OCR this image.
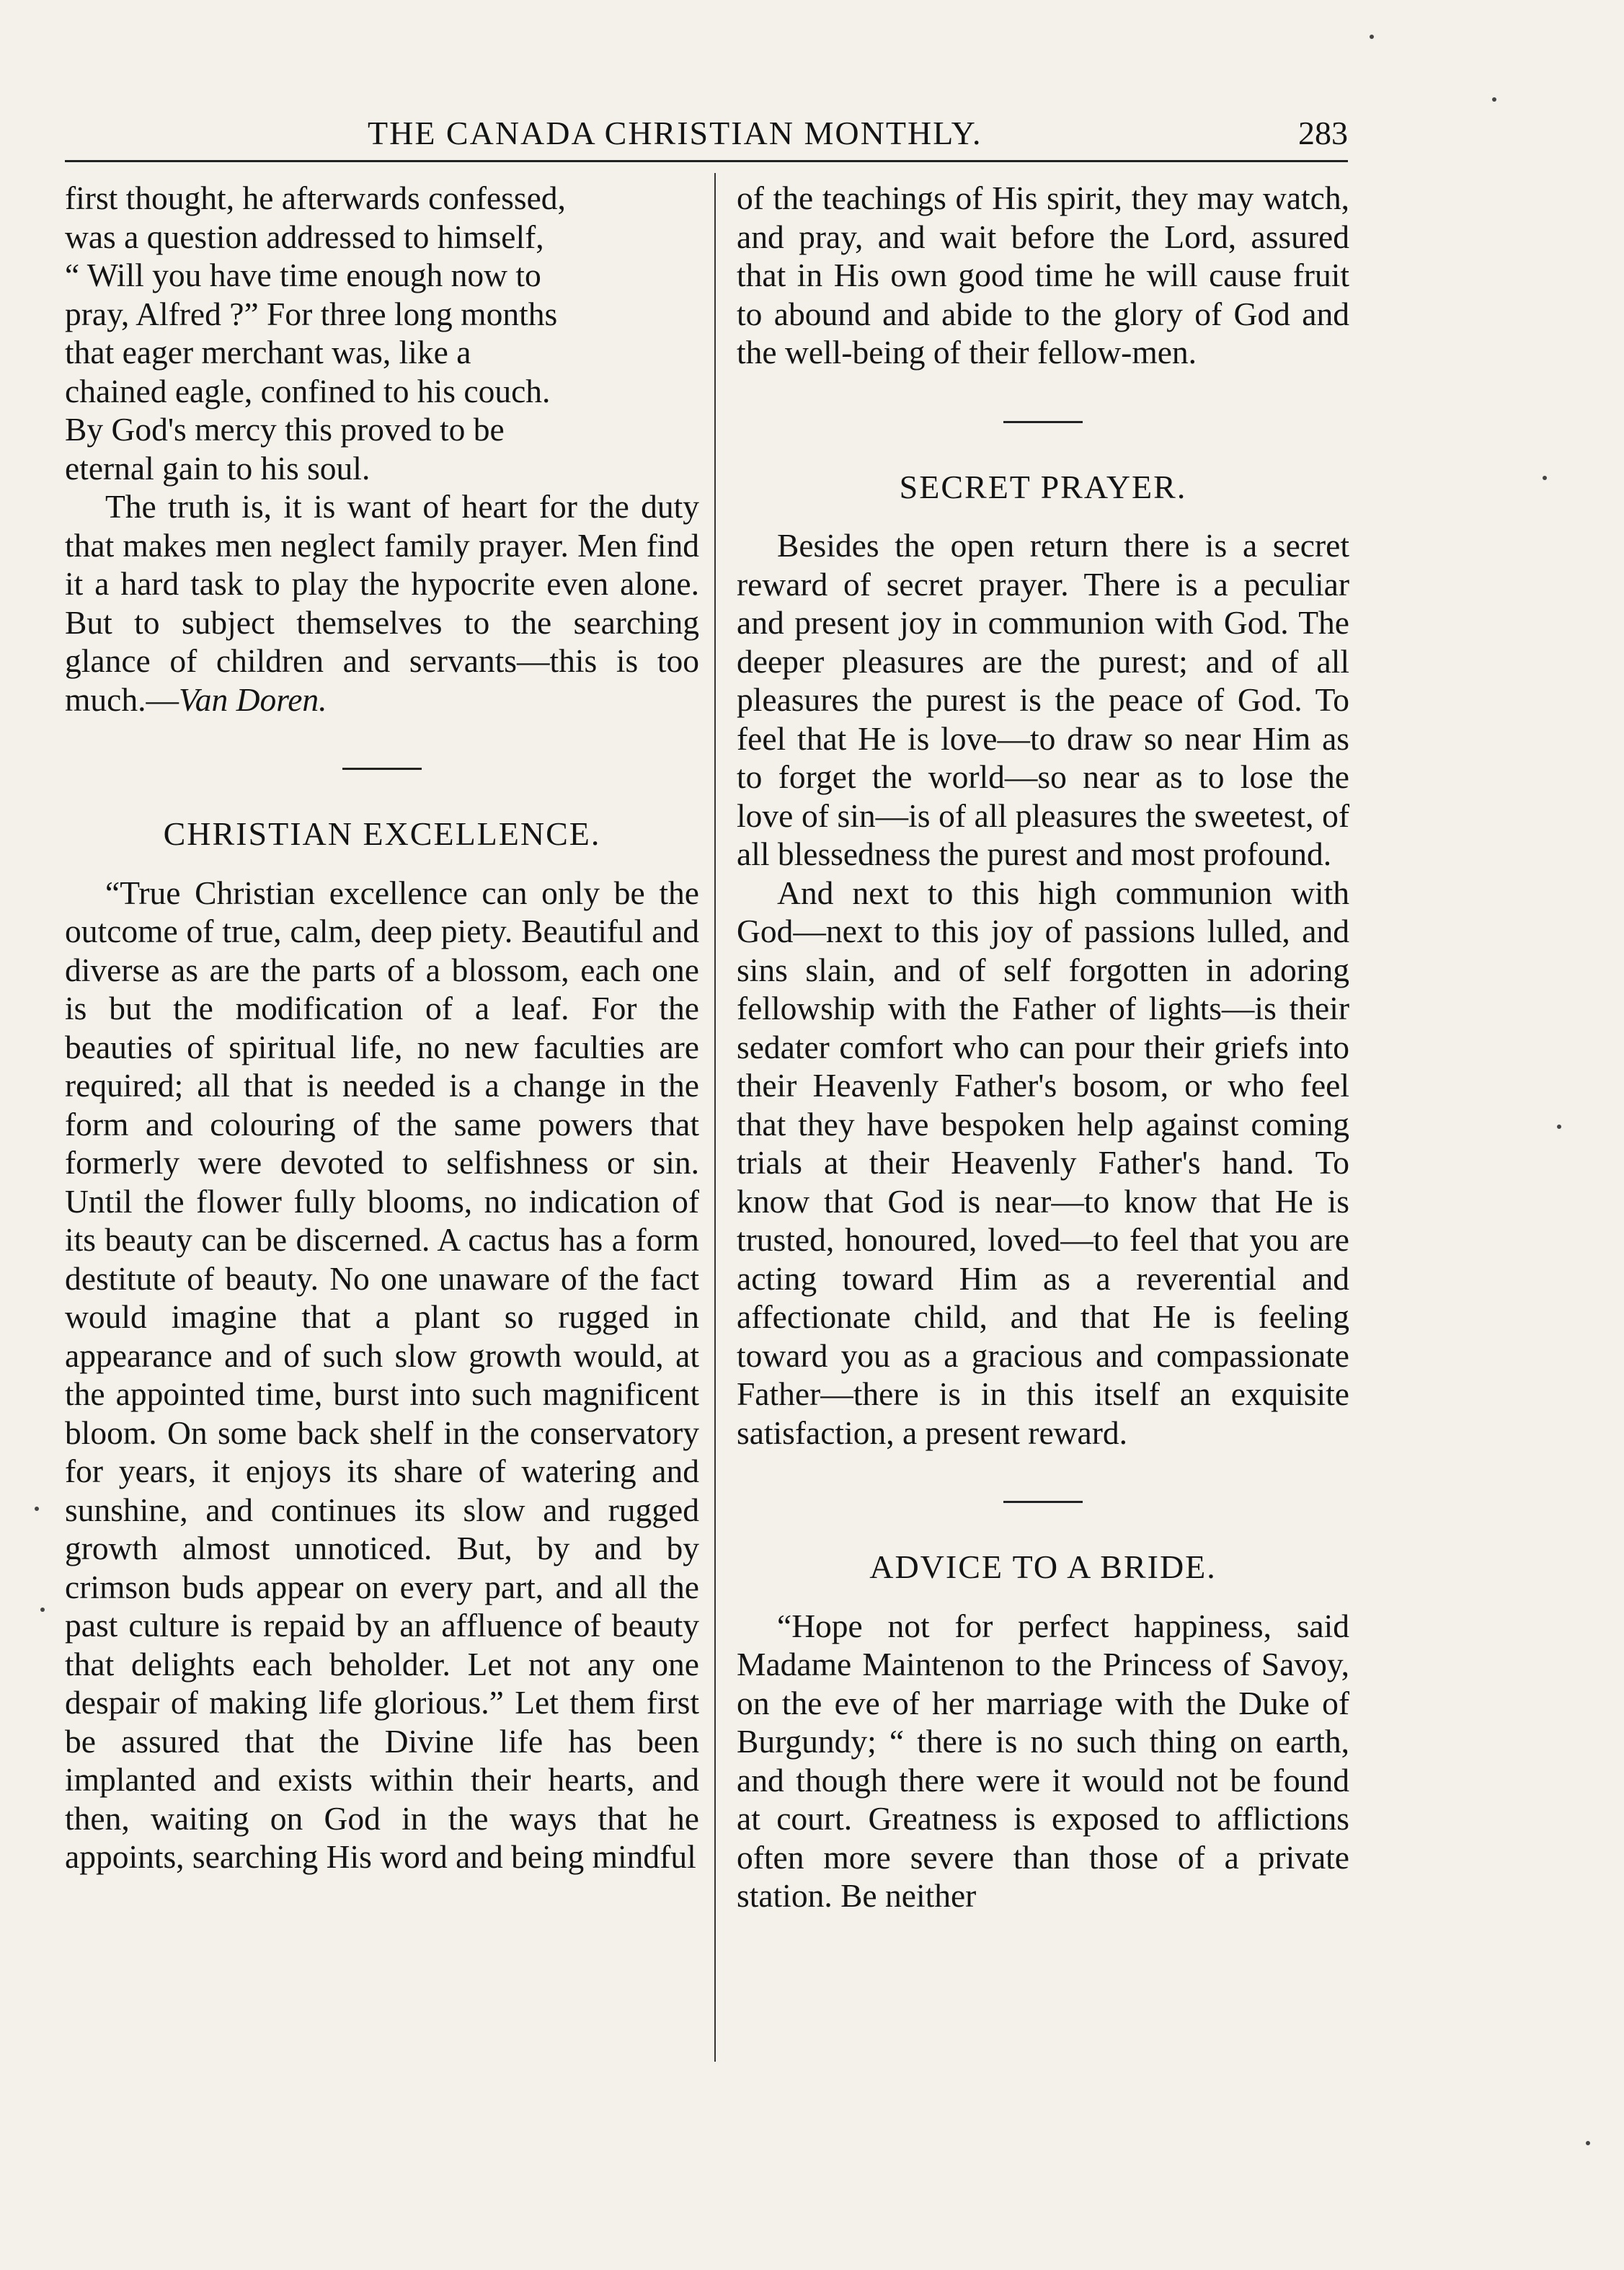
THE CANADA CHRISTIAN MONTHLY.	283

first thought, he afterwards confessed,
was a question addressed to himself,
“ Will you have time enough now to
pray, Alfred ?” For three long months
that eager merchant was, like a
chained eagle, confined to his couch.
By God's mercy this proved to be
eternal gain to his soul.

The truth is, it is want of heart for the duty that makes men neglect family prayer. Men find it a hard task to play the hypocrite even alone. But to subject themselves to the searching glance of children and servants—this is too much.—Van Doren.

CHRISTIAN EXCELLENCE.

“True Christian excellence can only be the outcome of true, calm, deep piety. Beautiful and diverse as are the parts of a blossom, each one is but the modification of a leaf. For the beauties of spiritual life, no new faculties are required; all that is needed is a change in the form and colouring of the same powers that formerly were devoted to selfishness or sin. Until the flower fully blooms, no indication of its beauty can be discerned. A cactus has a form destitute of beauty. No one unaware of the fact would imagine that a plant so rugged in appearance and of such slow growth would, at the appointed time, burst into such magnificent bloom. On some back shelf in the conservatory for years, it enjoys its share of watering and sunshine, and continues its slow and rugged growth almost unnoticed. But, by and by crimson buds appear on every part, and all the past culture is repaid by an affluence of beauty that delights each beholder. Let not any one despair of making life glorious.” Let them first be assured that the Divine life has been implanted and exists within their hearts, and then, waiting on God in the ways that he appoints, searching His word and being mindful

of the teachings of His spirit, they may watch, and pray, and wait before the Lord, assured that in His own good time he will cause fruit to abound and abide to the glory of God and the well-being of their fellow-men.

SECRET PRAYER.

Besides the open return there is a secret reward of secret prayer. There is a peculiar and present joy in communion with God. The deeper pleasures are the purest; and of all pleasures the purest is the peace of God. To feel that He is love—to draw so near Him as to forget the world—so near as to lose the love of sin—is of all pleasures the sweetest, of all blessedness the purest and most profound.

And next to this high communion with God—next to this joy of passions lulled, and sins slain, and of self forgotten in adoring fellowship with the Father of lights—is their sedater comfort who can pour their griefs into their Heavenly Father's bosom, or who feel that they have bespoken help against coming trials at their Heavenly Father's hand. To know that God is near—to know that He is trusted, honoured, loved—to feel that you are acting toward Him as a reverential and affectionate child, and that He is feeling toward you as a gracious and compassionate Father—there is in this itself an exquisite satisfaction, a present reward.

ADVICE TO A BRIDE.

“Hope not for perfect happiness, said Madame Maintenon to the Princess of Savoy, on the eve of her marriage with the Duke of Burgundy; “ there is no such thing on earth, and though there were it would not be found at court. Greatness is exposed to afflictions often more severe than those of a private station. Be neither
